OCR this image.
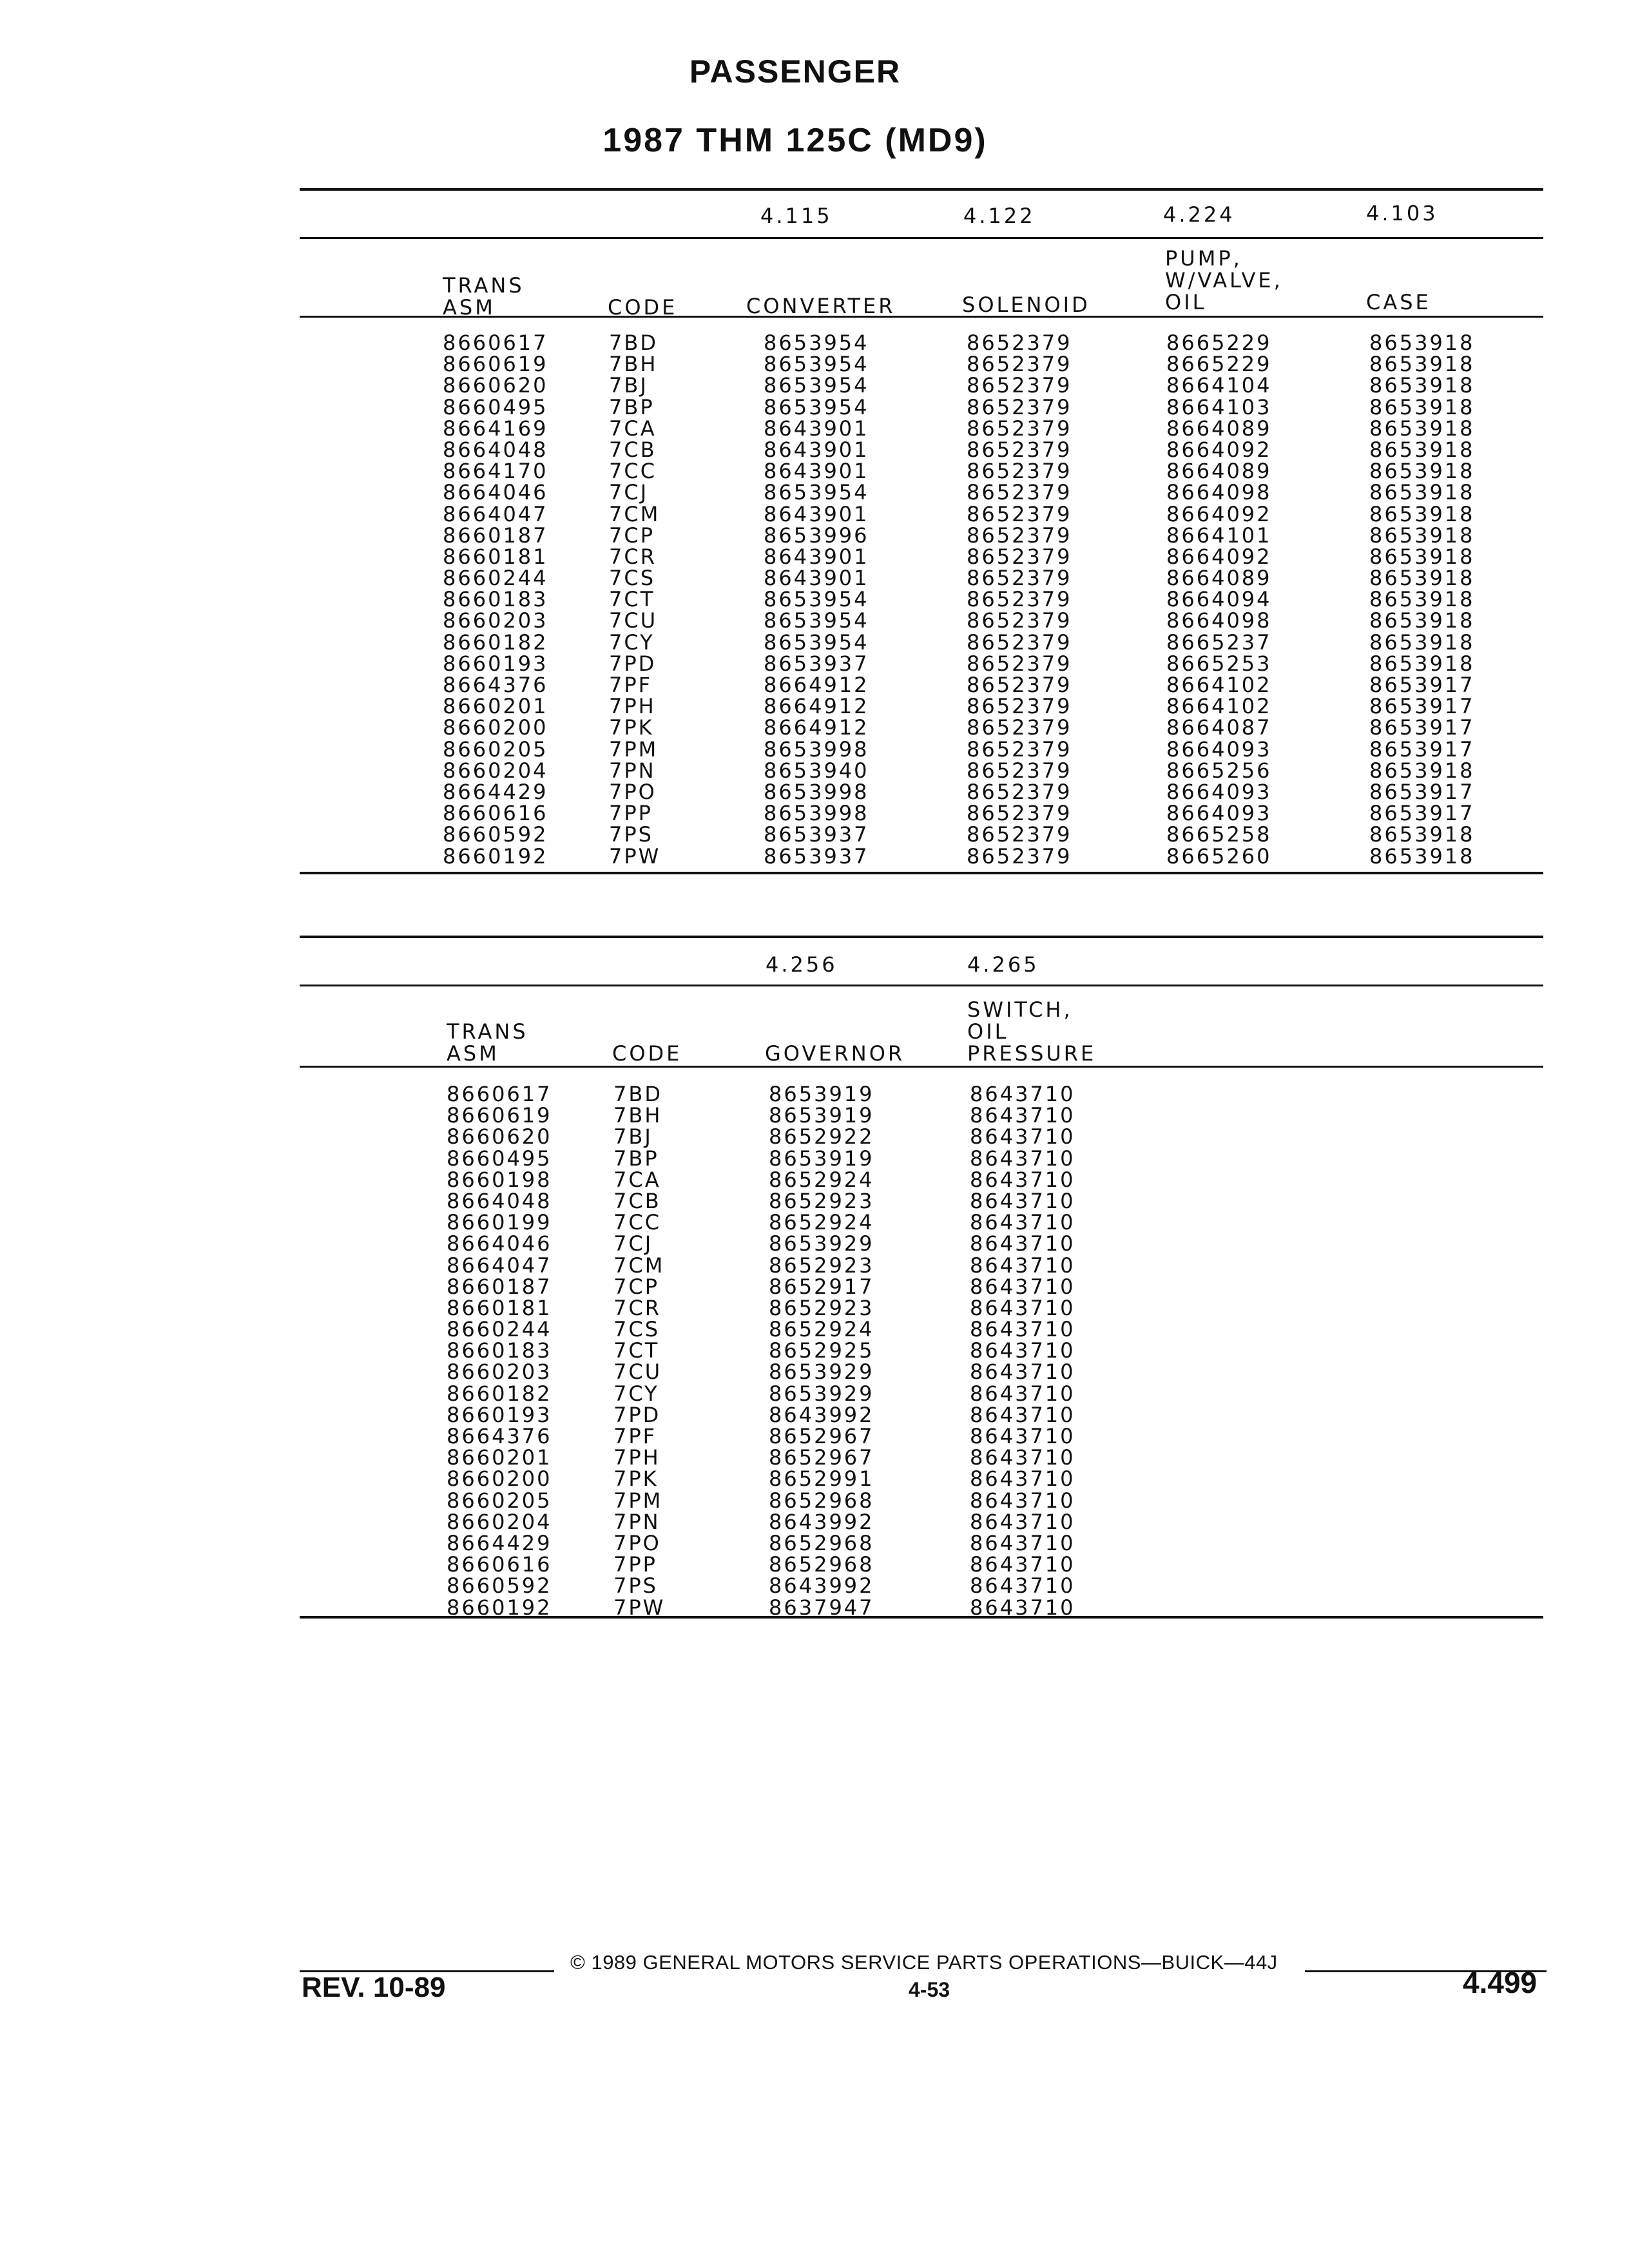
PASSENGER
1987 THM 125C (MD9)
4.115	4.122	4.224	4.103
TRANS
ASM	CODE	CONVERTER	SOLENOID
PUMP,
W/VALVE,
OIL	CASE
8660617	7BD	8653954	8652379	8665229	8653918
8660619	7BH	8653954	8652379	8665229	8653918
8660620	7BJ	8653954	8652379	8664104	8653918
8660495	7BP	8653954	8652379	8664103	8653918
8664169	7CA	8643901	8652379	8664089	8653918
8664048	7CB	8643901	8652379	8664092	8653918
8664170	7CC	8643901	8652379	8664089	8653918
8664046	7CJ	8653954	8652379	8664098	8653918
8664047	7CM	8643901	8652379	8664092	8653918
8660187	7CP	8653996	8652379	8664101	8653918
8660181	7CR	8643901	8652379	8664092	8653918
8660244	7CS	8643901	8652379	8664089	8653918
8660183	7CT	8653954	8652379	8664094	8653918
8660203	7CU	8653954	8652379	8664098	8653918
8660182	7CY	8653954	8652379	8665237	8653918
8660193	7PD	8653937	8652379	8665253	8653918
8664376	7PF	8664912	8652379	8664102	8653917
8660201	7PH	8664912	8652379	8664102	8653917
8660200	7PK	8664912	8652379	8664087	8653917
8660205	7PM	8653998	8652379	8664093	8653917
8660204	7PN	8653940	8652379	8665256	8653918
8664429	7PO	8653998	8652379	8664093	8653917
8660616	7PP	8653998	8652379	8664093	8653917
8660592	7PS	8653937	8652379	8665258	8653918
8660192	7PW	8653937	8652379	8665260	8653918
4.256	4.265
TRANS
ASM	CODE	GOVERNOR
SWITCH,
OIL
PRESSURE
8660617	7BD	8653919	8643710
8660619	7BH	8653919	8643710
8660620	7BJ	8652922	8643710
8660495	7BP	8653919	8643710
8660198	7CA	8652924	8643710
8664048	7CB	8652923	8643710
8660199	7CC	8652924	8643710
8664046	7CJ	8653929	8643710
8664047	7CM	8652923	8643710
8660187	7CP	8652917	8643710
8660181	7CR	8652923	8643710
8660244	7CS	8652924	8643710
8660183	7CT	8652925	8643710
8660203	7CU	8653929	8643710
8660182	7CY	8653929	8643710
8660193	7PD	8643992	8643710
8664376	7PF	8652967	8643710
8660201	7PH	8652967	8643710
8660200	7PK	8652991	8643710
8660205	7PM	8652968	8643710
8660204	7PN	8643992	8643710
8664429	7PO	8652968	8643710
8660616	7PP	8652968	8643710
8660592	7PS	8643992	8643710
8660192	7PW	8637947	8643710
© 1989 GENERAL MOTORS SERVICE PARTS OPERATIONS—BUICK—44J
REV. 10-89	4-53	4.499
